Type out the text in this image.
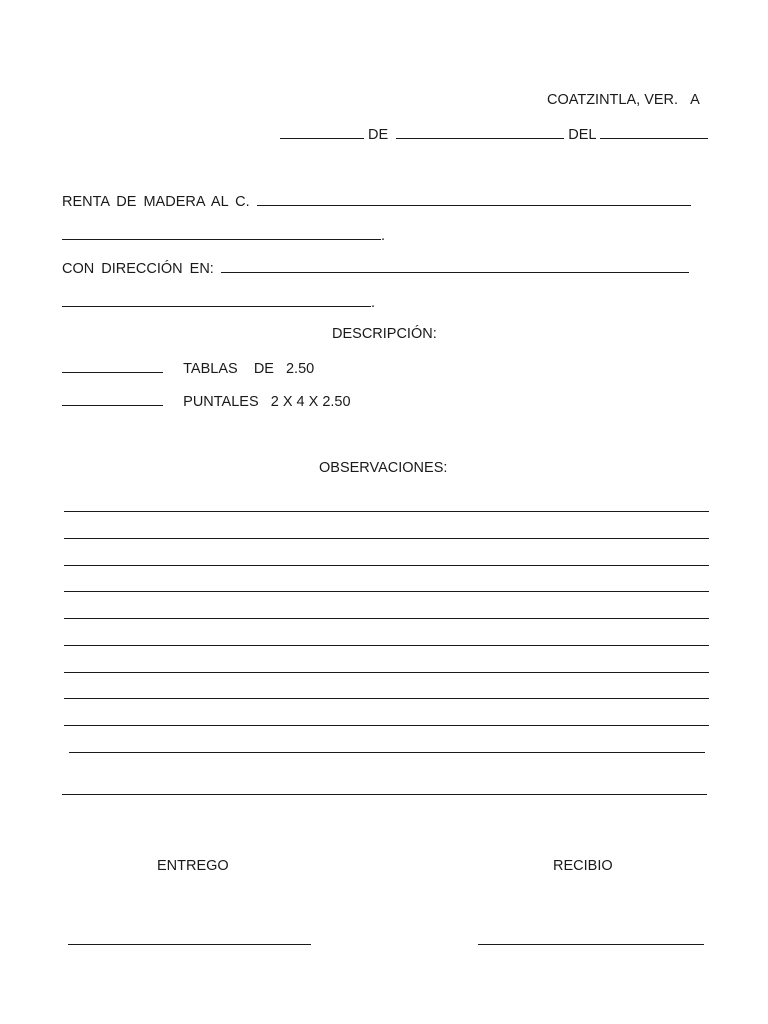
COATZINTLA, VER. A
DE	DEL
RENTA DE MADERA AL C.
.
CON DIRECCIÓN EN:
.
DESCRIPCIÓN:
TABLAS DE 2.50
PUNTALES 2 X 4 X 2.50
OBSERVACIONES:
ENTREGO	RECIBIO
